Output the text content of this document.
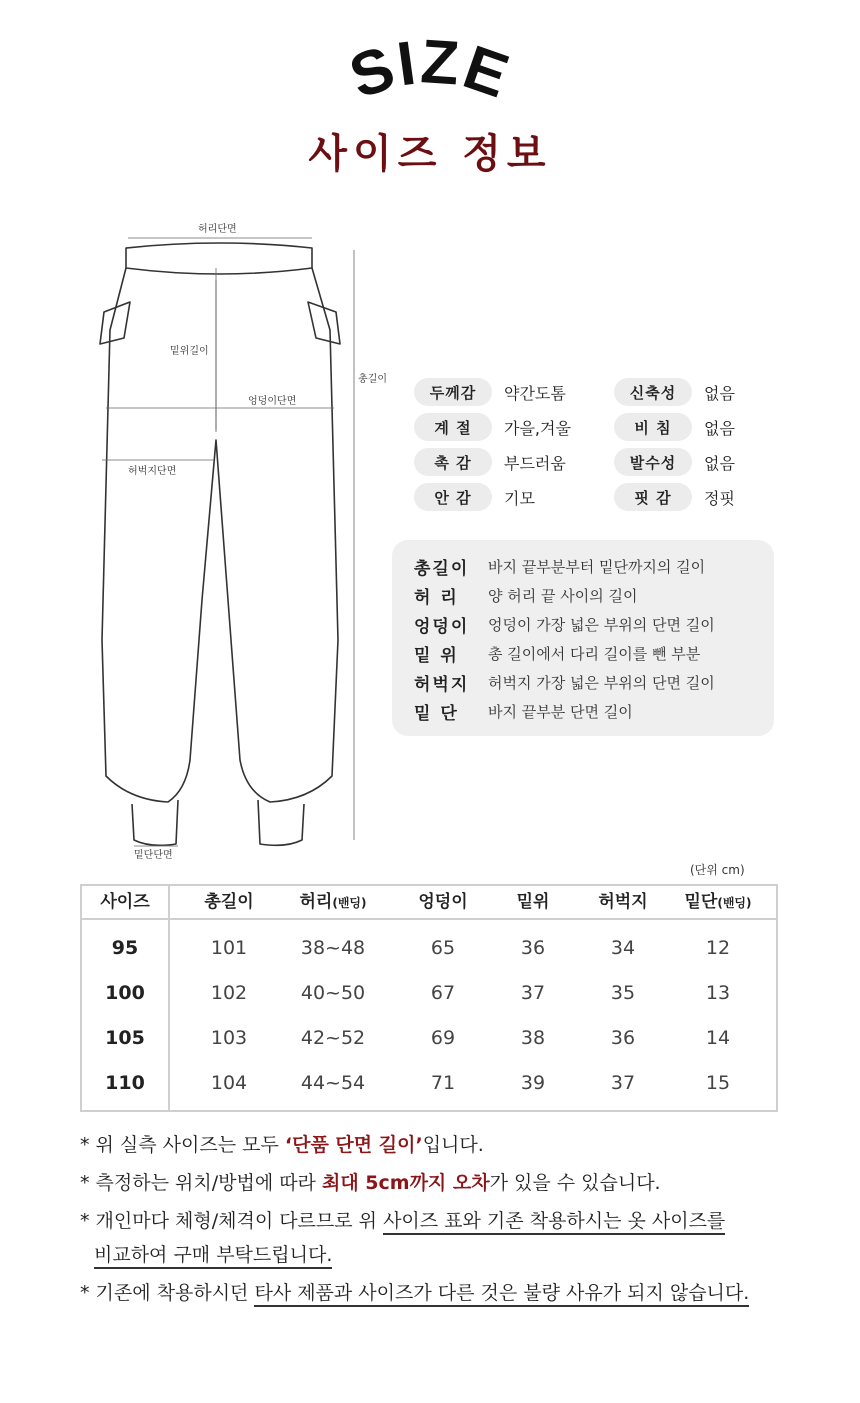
SIZE
사이즈 정보
허리단면
밑위길이
총길이
엉덩이단면
허벅지단면
밑단단면
두께감	약간도톰	신축성	없음
계 절	가을,겨울	비 침	없음
촉 감	부드러움	발수성	없음
안 감	기모	핏 감	정핏
총길이	바지 끝부분부터 밑단까지의 길이
허 리	양 허리 끝 사이의 길이
엉덩이	엉덩이 가장 넓은 부위의 단면 길이
밑 위	총 길이에서 다리 길이를 뺀 부분
허벅지	허벅지 가장 넓은 부위의 단면 길이
밑 단	바지 끝부분 단면 길이
(단위 cm)
사이즈	총길이	허리(밴딩)	엉덩이	밑위	허벅지	밑단(밴딩)
95	101	38~48	65	36	34	12
100	102	40~50	67	37	35	13
105	103	42~52	69	38	36	14
110	104	44~54	71	39	37	15
* 위 실측 사이즈는 모두 ‘단품 단면 길이’입니다.
* 측정하는 위치/방법에 따라 최대 5cm까지 오차가 있을 수 있습니다.
* 개인마다 체형/체격이 다르므로 위 사이즈 표와 기존 착용하시는 옷 사이즈를
비교하여 구매 부탁드립니다.
* 기존에 착용하시던 타사 제품과 사이즈가 다른 것은 불량 사유가 되지 않습니다.
